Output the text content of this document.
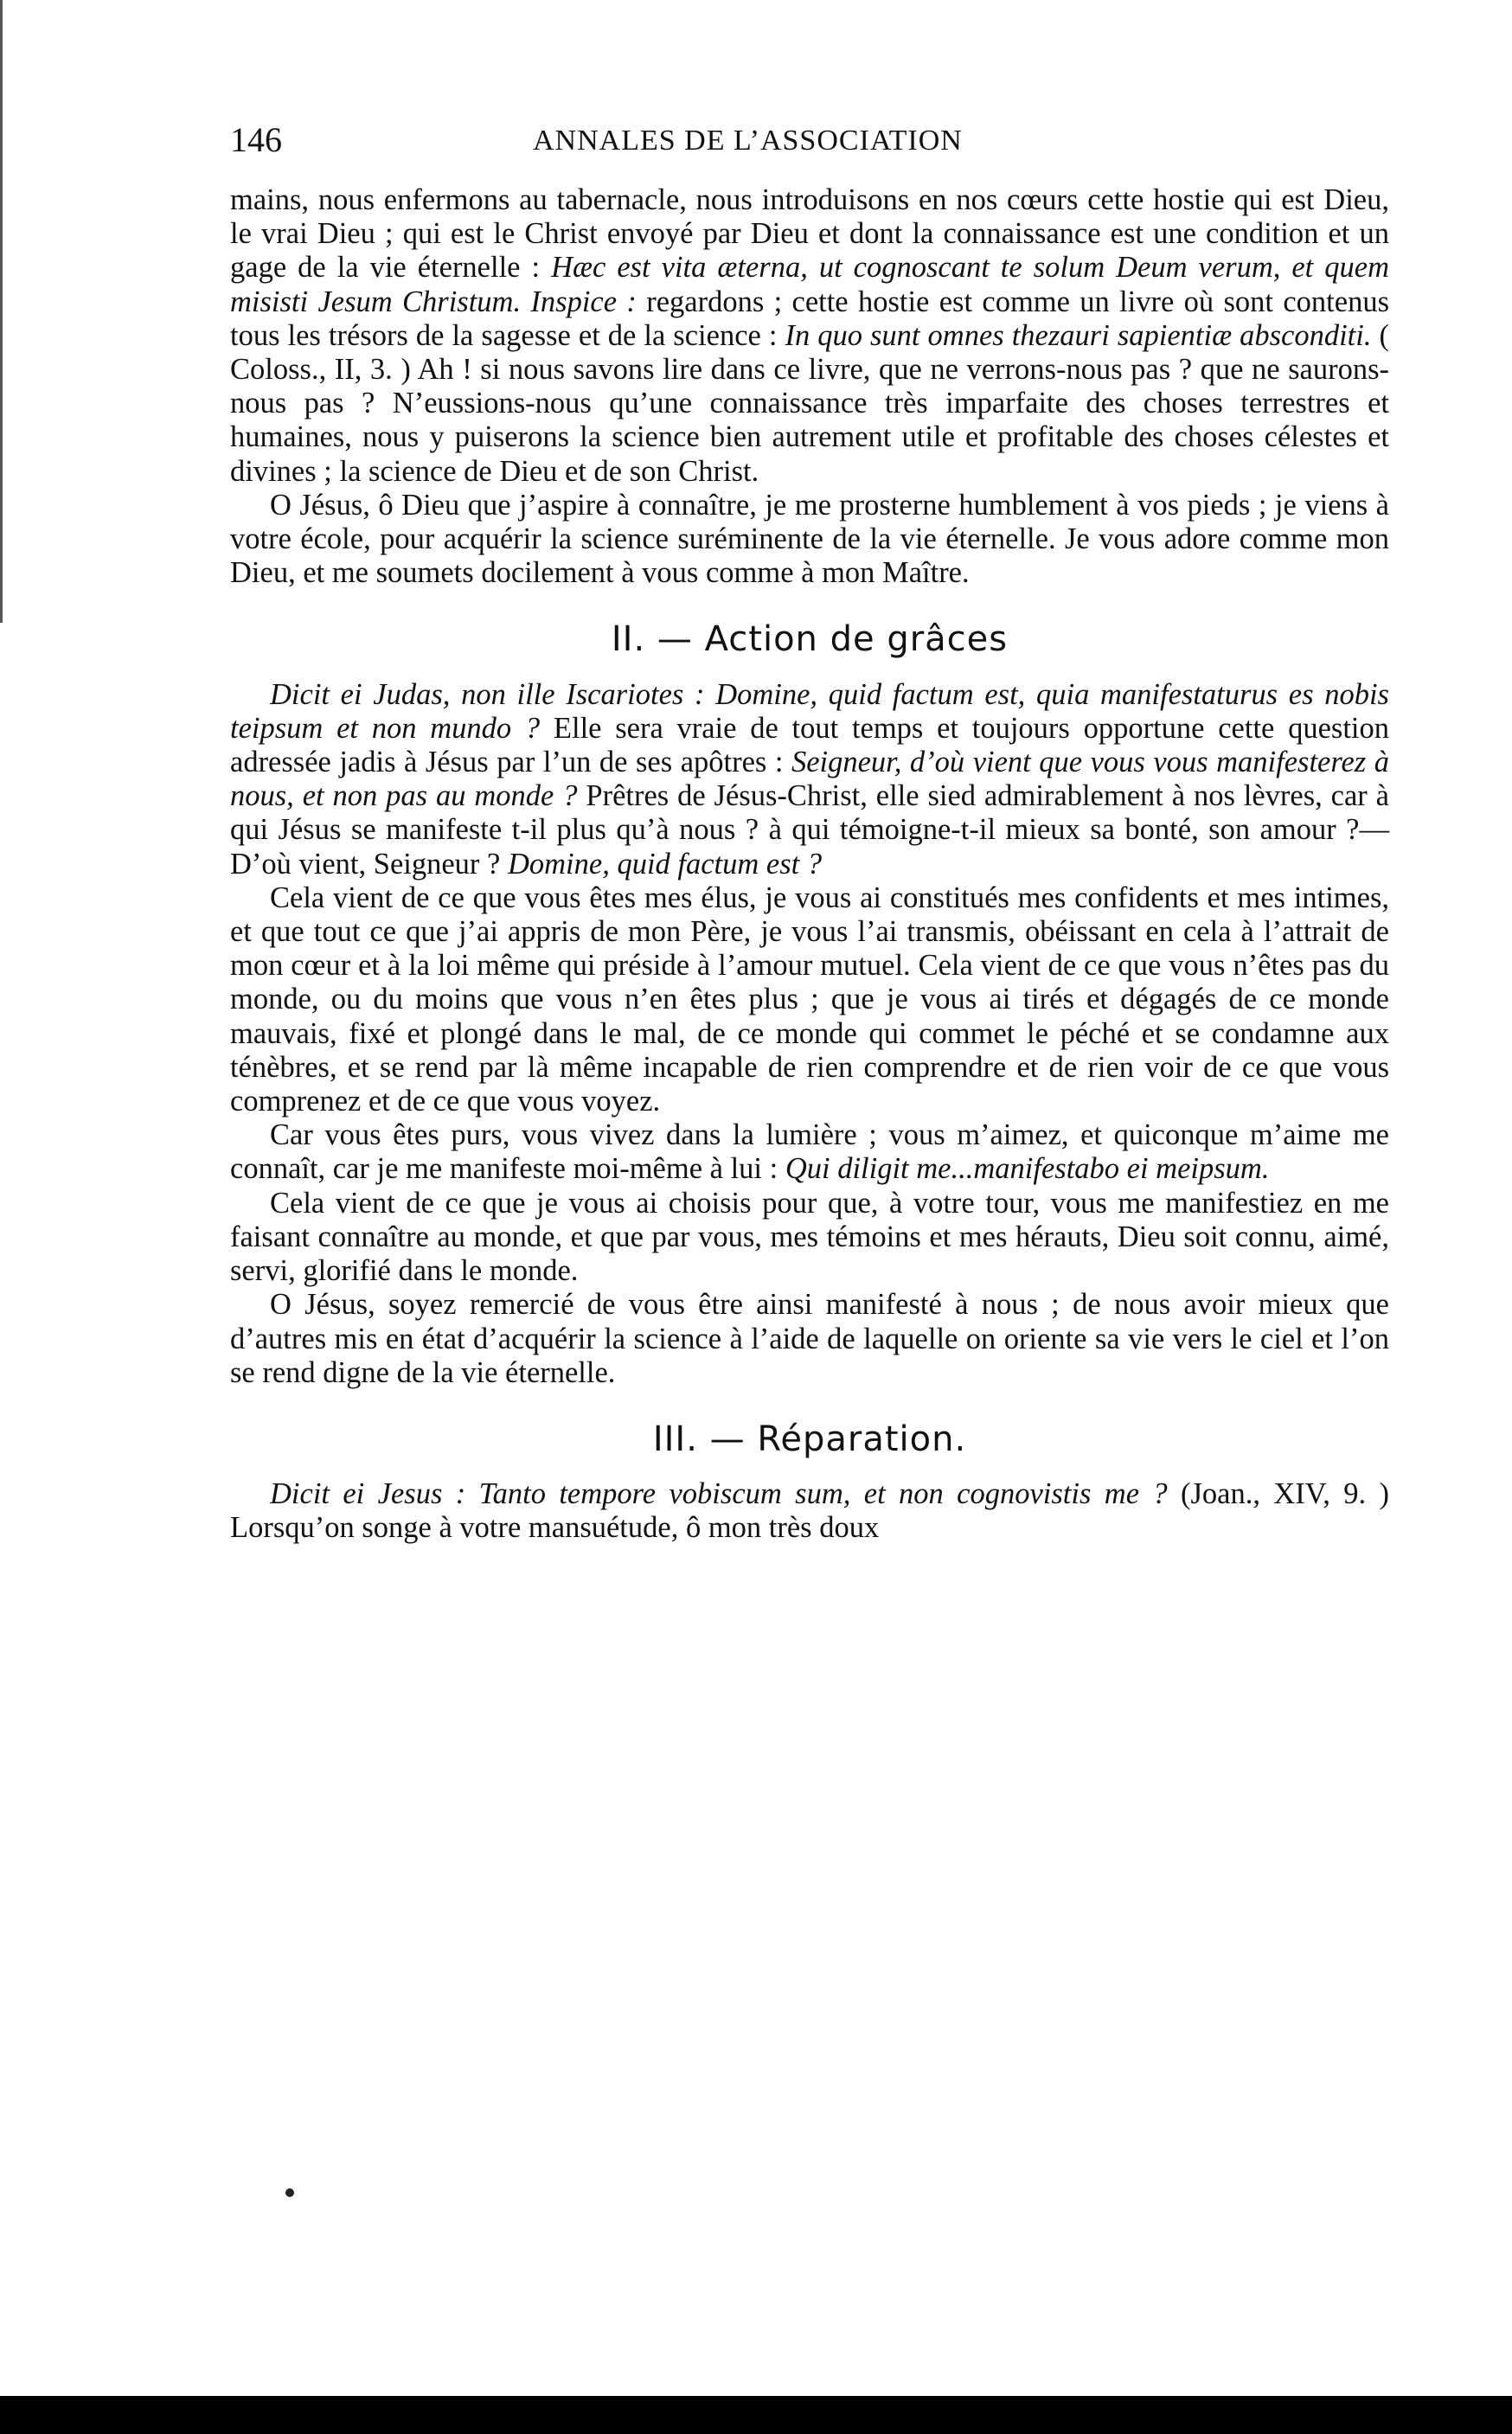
146	ANNALES DE L’ASSOCIATION

mains, nous enfermons au tabernacle, nous introduisons en nos cœurs cette hostie qui est Dieu, le vrai Dieu ; qui est le Christ envoyé par Dieu et dont la connaissance est une condition et un gage de la vie éternelle : Hæc est vita æterna, ut cognoscant te solum Deum verum, et quem misisti Jesum Christum. Inspice : regardons ; cette hostie est comme un livre où sont contenus tous les trésors de la sagesse et de la science : In quo sunt omnes thezauri sapientiæ absconditi. ( Coloss., II, 3. ) Ah ! si nous savons lire dans ce livre, que ne verrons-nous pas ? que ne saurons-nous pas ? N’eussions-nous qu’une connaissance très imparfaite des choses terrestres et humaines, nous y puiserons la science bien autrement utile et profitable des choses célestes et divines ; la science de Dieu et de son Christ.

O Jésus, ô Dieu que j’aspire à connaître, je me prosterne humblement à vos pieds ; je viens à votre école, pour acquérir la science suréminente de la vie éternelle. Je vous adore comme mon Dieu, et me soumets docilement à vous comme à mon Maître.

II. — Action de grâces

Dicit ei Judas, non ille Iscariotes : Domine, quid factum est, quia manifestaturus es nobis teipsum et non mundo ? Elle sera vraie de tout temps et toujours opportune cette question adressée jadis à Jésus par l’un de ses apôtres : Seigneur, d’où vient que vous vous manifesterez à nous, et non pas au monde ? Prêtres de Jésus-Christ, elle sied admirablement à nos lèvres, car à qui Jésus se manifeste t-il plus qu’à nous ? à qui témoigne-t-il mieux sa bonté, son amour ?—D’où vient, Seigneur ? Domine, quid factum est ?

Cela vient de ce que vous êtes mes élus, je vous ai constitués mes confidents et mes intimes, et que tout ce que j’ai appris de mon Père, je vous l’ai transmis, obéissant en cela à l’attrait de mon cœur et à la loi même qui préside à l’amour mutuel. Cela vient de ce que vous n’êtes pas du monde, ou du moins que vous n’en êtes plus ; que je vous ai tirés et dégagés de ce monde mauvais, fixé et plongé dans le mal, de ce monde qui commet le péché et se condamne aux ténèbres, et se rend par là même incapable de rien comprendre et de rien voir de ce que vous comprenez et de ce que vous voyez.

Car vous êtes purs, vous vivez dans la lumière ; vous m’aimez, et quiconque m’aime me connaît, car je me manifeste moi-même à lui : Qui diligit me...manifestabo ei meipsum.

Cela vient de ce que je vous ai choisis pour que, à votre tour, vous me manifestiez en me faisant connaître au monde, et que par vous, mes témoins et mes hérauts, Dieu soit connu, aimé, servi, glorifié dans le monde.

O Jésus, soyez remercié de vous être ainsi manifesté à nous ; de nous avoir mieux que d’autres mis en état d’acquérir la science à l’aide de laquelle on oriente sa vie vers le ciel et l’on se rend digne de la vie éternelle.

III. — Réparation.

Dicit ei Jesus : Tanto tempore vobiscum sum, et non cognovistis me ? (Joan., XIV, 9. ) Lorsqu’on songe à votre mansuétude, ô mon très doux
